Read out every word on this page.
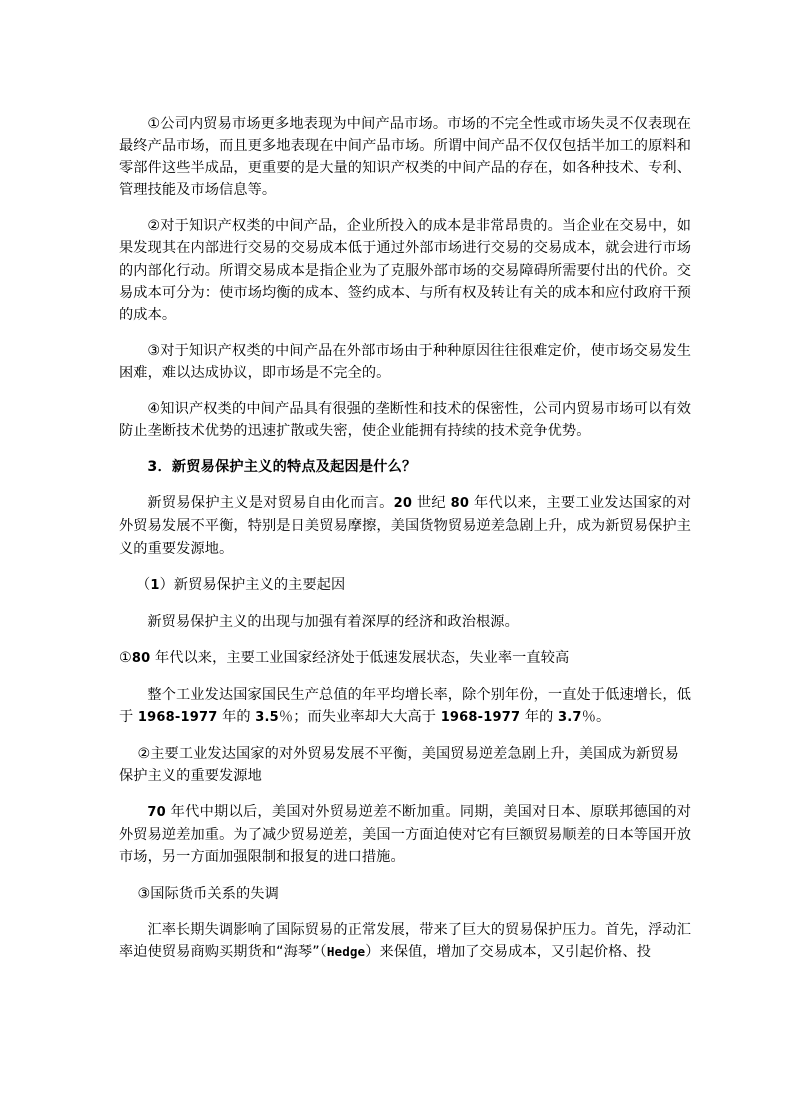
①公司内贸易市场更多地表现为中间产品市场。市场的不完全性或市场失灵不仅表现在最终产品市场，而且更多地表现在中间产品市场。所谓中间产品不仅仅包括半加工的原料和零部件这些半成品，更重要的是大量的知识产权类的中间产品的存在，如各种技术、专利、管理技能及市场信息等。

②对于知识产权类的中间产品，企业所投入的成本是非常昂贵的。当企业在交易中，如果发现其在内部进行交易的交易成本低于通过外部市场进行交易的交易成本，就会进行市场的内部化行动。所谓交易成本是指企业为了克服外部市场的交易障碍所需要付出的代价。交易成本可分为：使市场均衡的成本、签约成本、与所有权及转让有关的成本和应付政府干预的成本。

③对于知识产权类的中间产品在外部市场由于种种原因往往很难定价，使市场交易发生困难，难以达成协议，即市场是不完全的。

④知识产权类的中间产品具有很强的垄断性和技术的保密性，公司内贸易市场可以有效防止垄断技术优势的迅速扩散或失密，使企业能拥有持续的技术竞争优势。

3．新贸易保护主义的特点及起因是什么？

新贸易保护主义是对贸易自由化而言。20 世纪 80 年代以来，主要工业发达国家的对外贸易发展不平衡，特别是日美贸易摩擦，美国货物贸易逆差急剧上升，成为新贸易保护主义的重要发源地。

（1）新贸易保护主义的主要起因

新贸易保护主义的出现与加强有着深厚的经济和政治根源。

①80 年代以来，主要工业国家经济处于低速发展状态，失业率一直较高

整个工业发达国家国民生产总值的年平均增长率，除个别年份，一直处于低速增长，低于 1968-1977 年的 3.5％；而失业率却大大高于 1968-1977 年的 3.7％。

②主要工业发达国家的对外贸易发展不平衡，美国贸易逆差急剧上升，美国成为新贸易保护主义的重要发源地

70 年代中期以后，美国对外贸易逆差不断加重。同期，美国对日本、原联邦德国的对外贸易逆差加重。为了减少贸易逆差，美国一方面迫使对它有巨额贸易顺差的日本等国开放市场，另一方面加强限制和报复的进口措施。

③国际货币关系的失调

汇率长期失调影响了国际贸易的正常发展，带来了巨大的贸易保护压力。首先，浮动汇率迫使贸易商购买期货和“海琴”（Hedge）来保值，增加了交易成本，又引起价格、投
